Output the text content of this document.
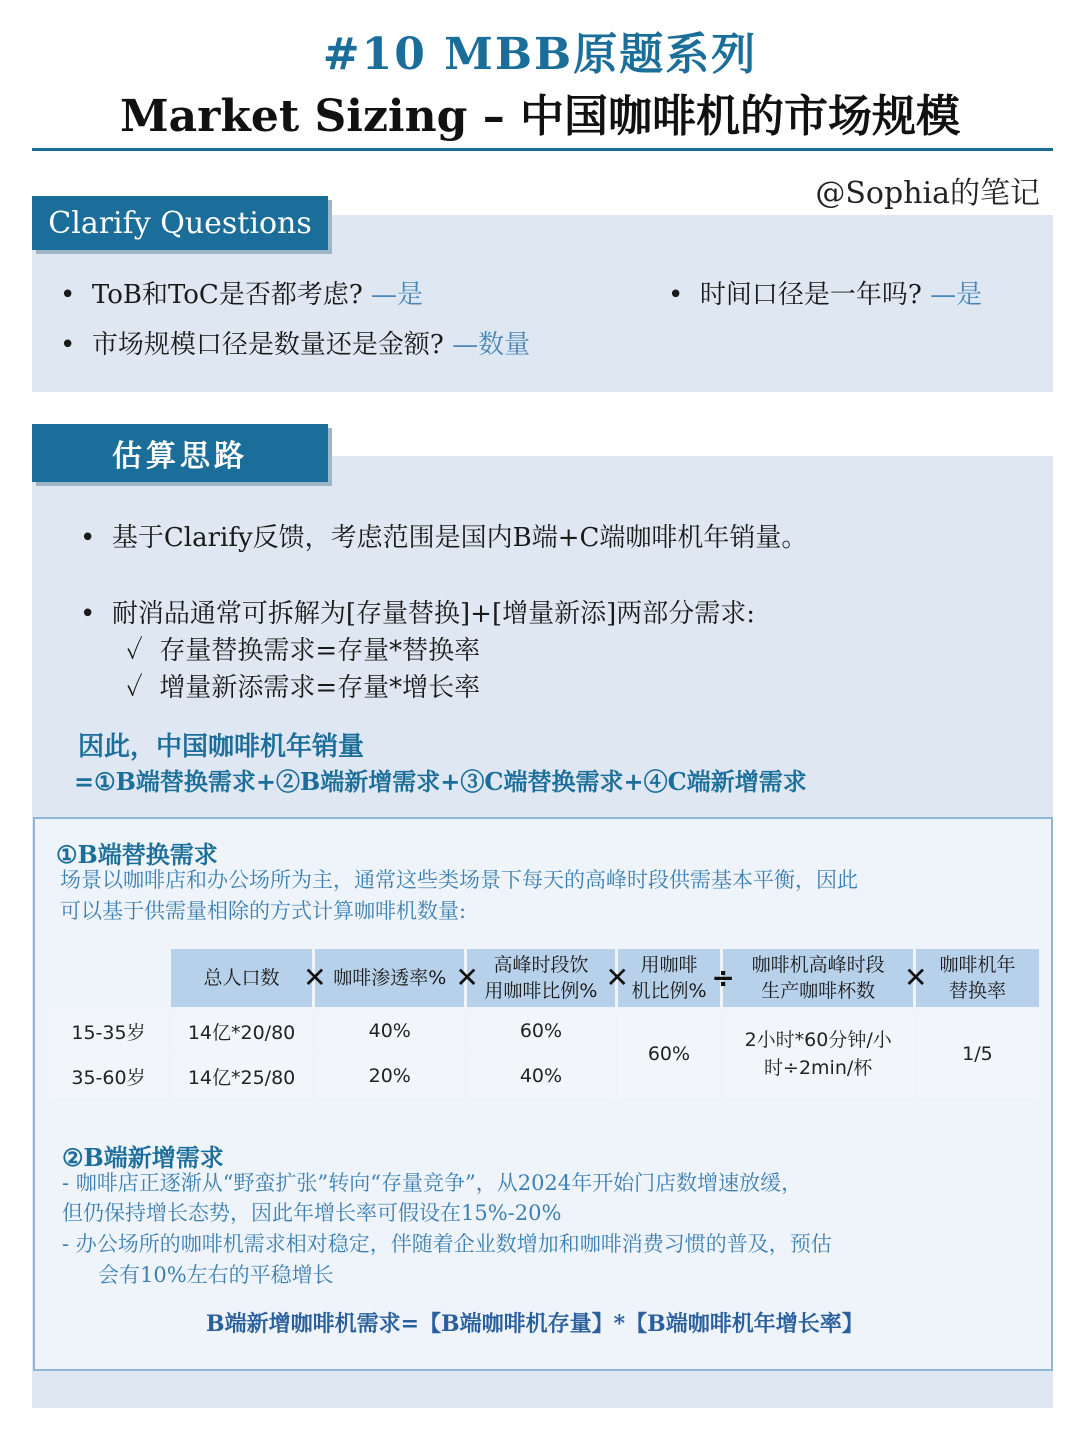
#10 MBB原题系列
Market Sizing – 中国咖啡机的市场规模
@Sophia的笔记
Clarify Questions
•  ToB和ToC是否都考虑? —是	•  时间口径是一年吗? —是
•  市场规模口径是数量还是金额? —数量
估算思路
•  基于Clarify反馈，考虑范围是国内B端+C端咖啡机年销量。
•  耐消品通常可拆解为[存量替换]+[增量新添]两部分需求:
✓ 存量替换需求=存量*替换率
✓ 增量新添需求=存量*增长率
因此，中国咖啡机年销量
=①B端替换需求+②B端新增需求+③C端替换需求+④C端新增需求
①B端替换需求
场景以咖啡店和办公场所为主，通常这些类场景下每天的高峰时段供需基本平衡，因此
可以基于供需量相除的方式计算咖啡机数量:
	总人口数	✕ 咖啡渗透率%	✕ 高峰时段饮
用咖啡比例%	✕ 用咖啡
机比例%	÷ 咖啡机高峰时段
生产咖啡杯数	✕ 咖啡机年
替换率
15-35岁	14亿*20/80	40%	60%	60%	2小时*60分钟/小
时÷2min/杯	1/5
35-60岁	14亿*25/80	20%	40%			
②B端新增需求
- 咖啡店正逐渐从“野蛮扩张”转向“存量竞争”，从2024年开始门店数增速放缓，
但仍保持增长态势，因此年增长率可假设在15%-20%
- 办公场所的咖啡机需求相对稳定，伴随着企业数增加和咖啡消费习惯的普及，预估
会有10%左右的平稳增长
B端新增咖啡机需求=【B端咖啡机存量】*【B端咖啡机年增长率】
